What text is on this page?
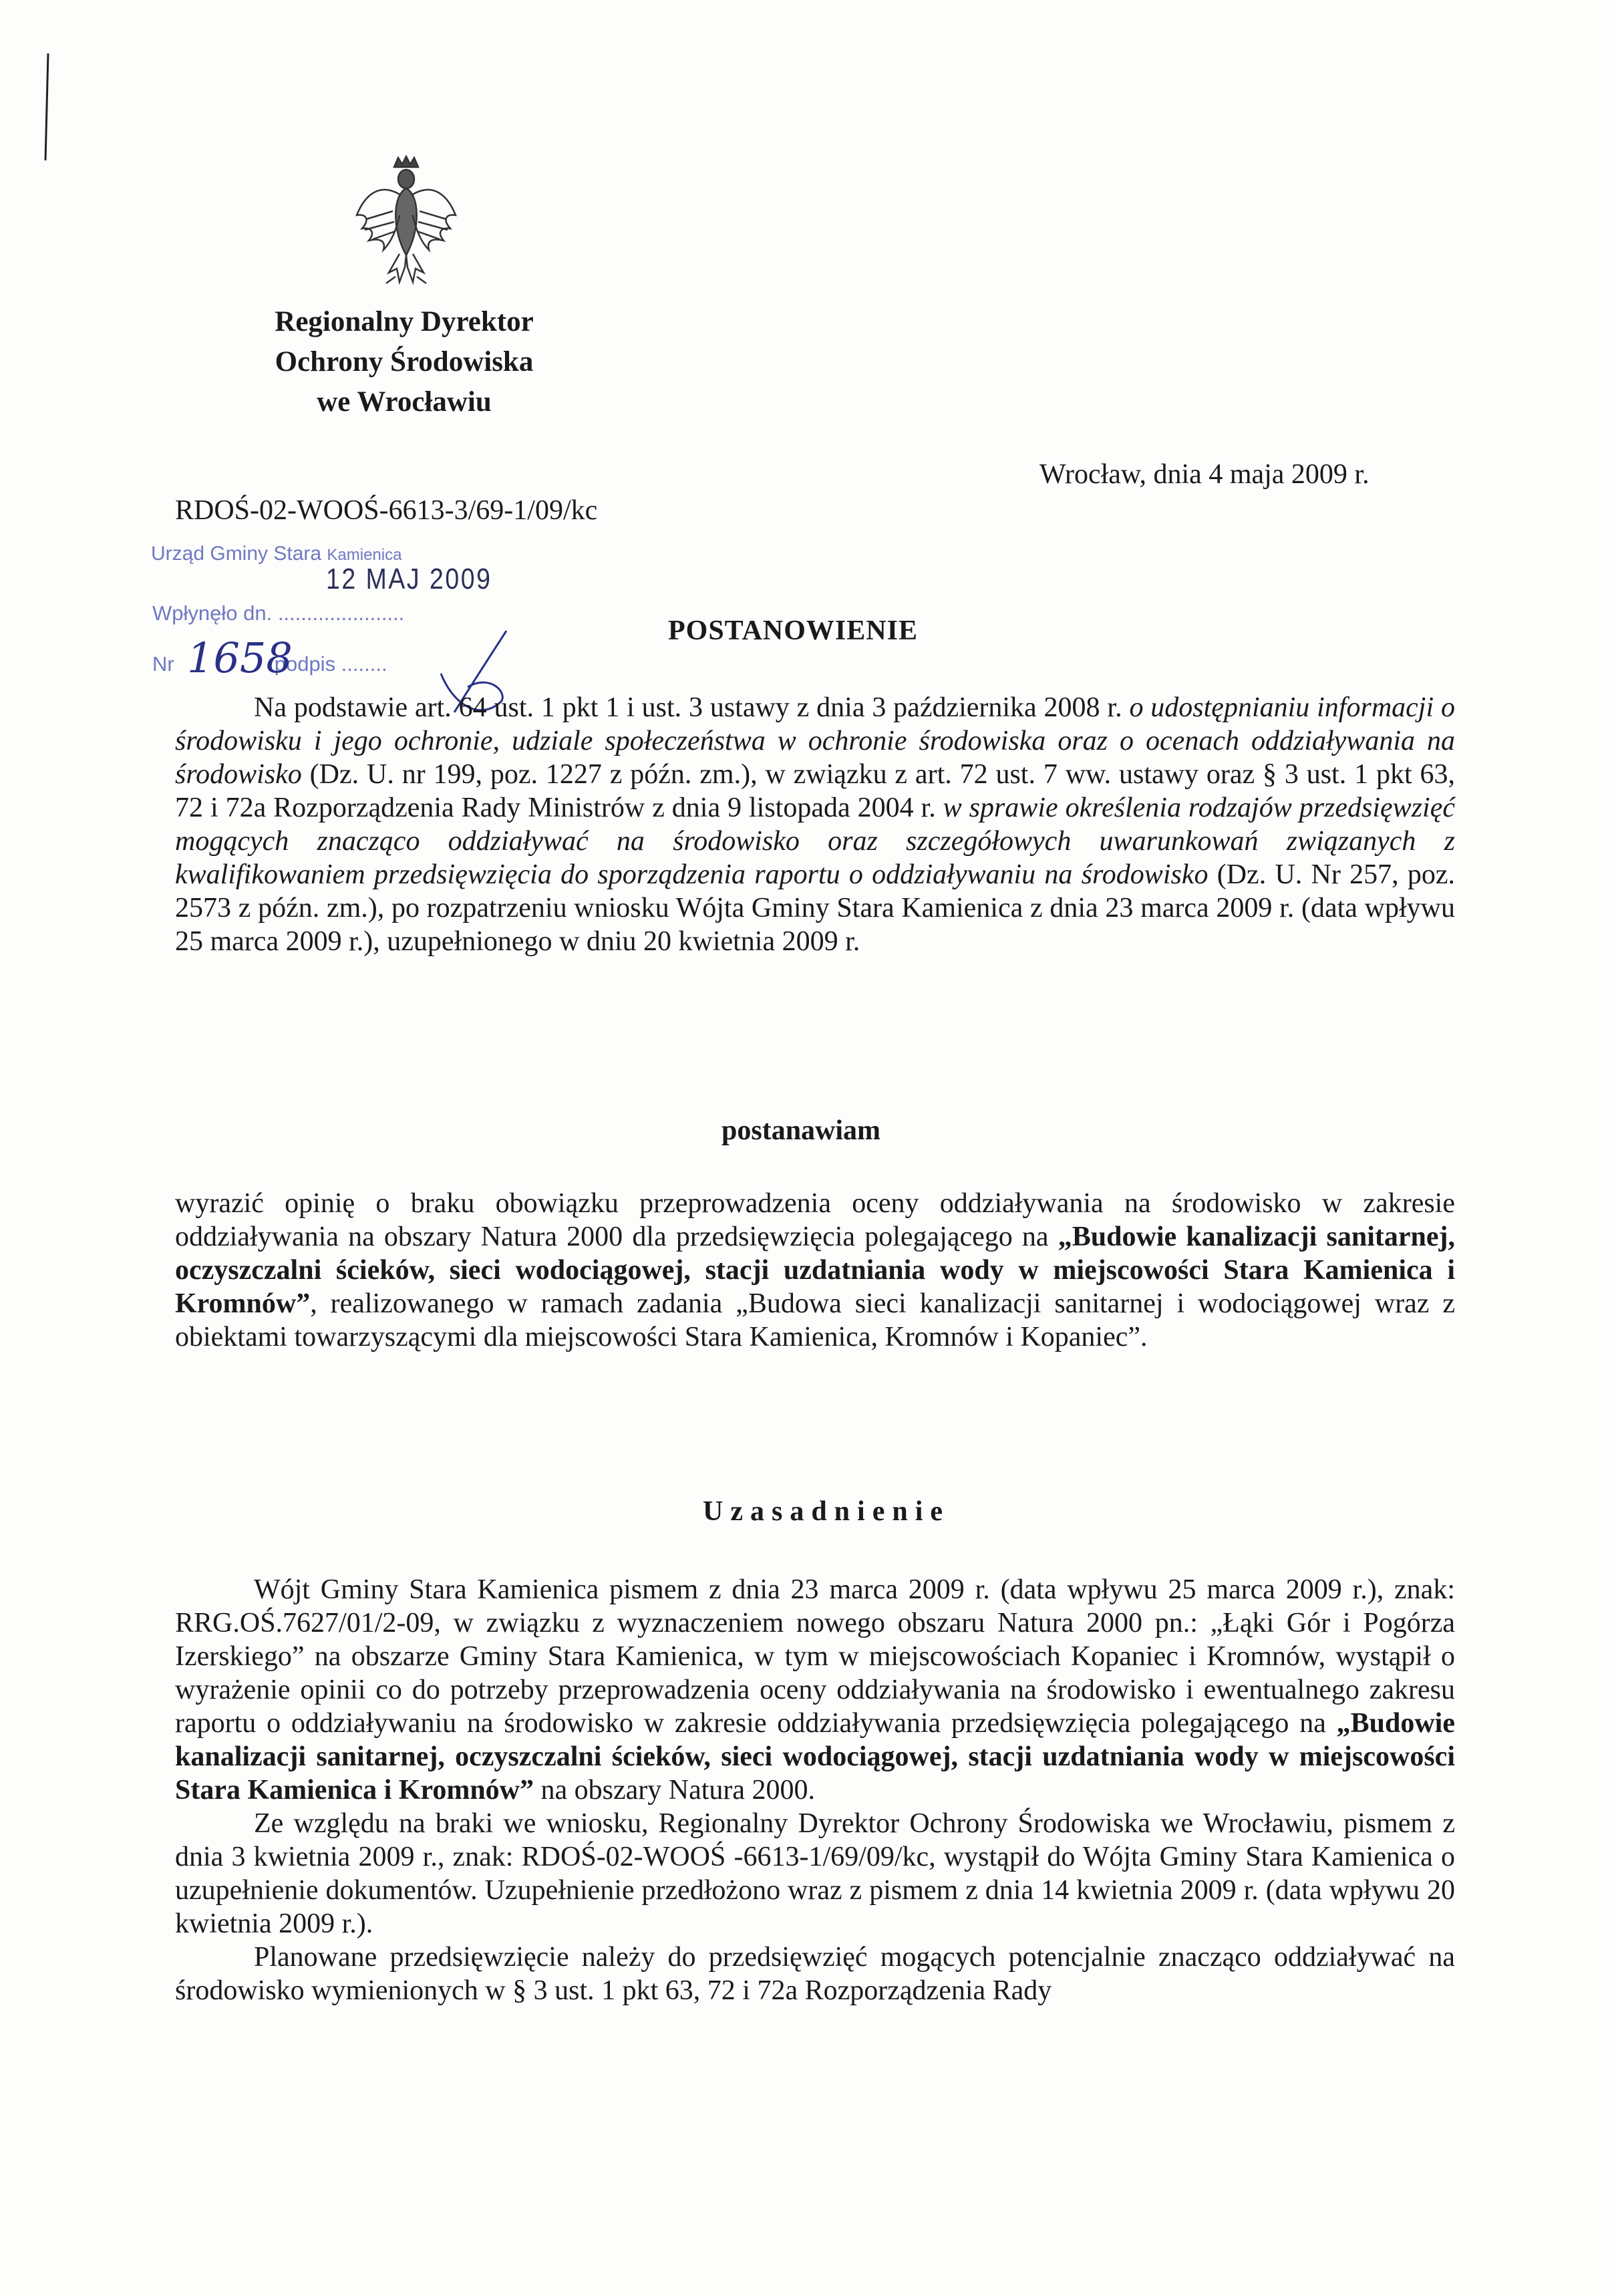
Regionalny Dyrektor
Ochrony Środowiska
we Wrocławiu
Wrocław, dnia 4 maja 2009 r.
RDOŚ-02-WOOŚ-6613-3/69-1/09/kc
Urząd Gminy Stara Kamienica
12 MAJ 2009
Wpłynęło dn. ......................
Nr	podpis ........
1658
POSTANOWIENIE

Na podstawie art. 64 ust. 1 pkt 1 i ust. 3 ustawy z dnia 3 października 2008 r. o udostępnianiu informacji o środowisku i jego ochronie, udziale społeczeństwa w ochronie środowiska oraz o ocenach oddziaływania na środowisko (Dz. U. nr 199, poz. 1227 z późn. zm.), w związku z art. 72 ust. 7 ww. ustawy oraz § 3 ust. 1 pkt 63, 72 i 72a Rozporządzenia Rady Ministrów z dnia 9 listopada 2004 r. w sprawie określenia rodzajów przedsięwzięć mogących znacząco oddziaływać na środowisko oraz szczegółowych uwarunkowań związanych z kwalifikowaniem przedsięwzięcia do sporządzenia raportu o oddziaływaniu na środowisko (Dz. U. Nr 257, poz. 2573 z późn. zm.), po rozpatrzeniu wniosku Wójta Gminy Stara Kamienica z dnia 23 marca 2009 r. (data wpływu 25 marca 2009 r.), uzupełnionego w dniu 20 kwietnia 2009 r.

postanawiam

wyrazić opinię o braku obowiązku przeprowadzenia oceny oddziaływania na środowisko w zakresie oddziaływania na obszary Natura 2000 dla przedsięwzięcia polegającego na „Budowie kanalizacji sanitarnej, oczyszczalni ścieków, sieci wodociągowej, stacji uzdatniania wody w miejscowości Stara Kamienica i Kromnów”, realizowanego w ramach zadania „Budowa sieci kanalizacji sanitarnej i wodociągowej wraz z obiektami towarzyszącymi dla miejscowości Stara Kamienica, Kromnów i Kopaniec”.

Uzasadnienie

Wójt Gminy Stara Kamienica pismem z dnia 23 marca 2009 r. (data wpływu 25 marca 2009 r.), znak: RRG.OŚ.7627/01/2-09, w związku z wyznaczeniem nowego obszaru Natura 2000 pn.: „Łąki Gór i Pogórza Izerskiego” na obszarze Gminy Stara Kamienica, w tym w miejscowościach Kopaniec i Kromnów, wystąpił o wyrażenie opinii co do potrzeby przeprowadzenia oceny oddziaływania na środowisko i ewentualnego zakresu raportu o oddziaływaniu na środowisko w zakresie oddziaływania przedsięwzięcia polegającego na „Budowie kanalizacji sanitarnej, oczyszczalni ścieków, sieci wodociągowej, stacji uzdatniania wody w miejscowości Stara Kamienica i Kromnów” na obszary Natura 2000.

Ze względu na braki we wniosku, Regionalny Dyrektor Ochrony Środowiska we Wrocławiu, pismem z dnia 3 kwietnia 2009 r., znak: RDOŚ-02-WOOŚ -6613-1/69/09/kc, wystąpił do Wójta Gminy Stara Kamienica o uzupełnienie dokumentów. Uzupełnienie przedłożono wraz z pismem z dnia 14 kwietnia 2009 r. (data wpływu 20 kwietnia 2009 r.).

Planowane przedsięwzięcie należy do przedsięwzięć mogących potencjalnie znacząco oddziaływać na środowisko wymienionych w § 3 ust. 1 pkt 63, 72 i 72a Rozporządzenia Rady
